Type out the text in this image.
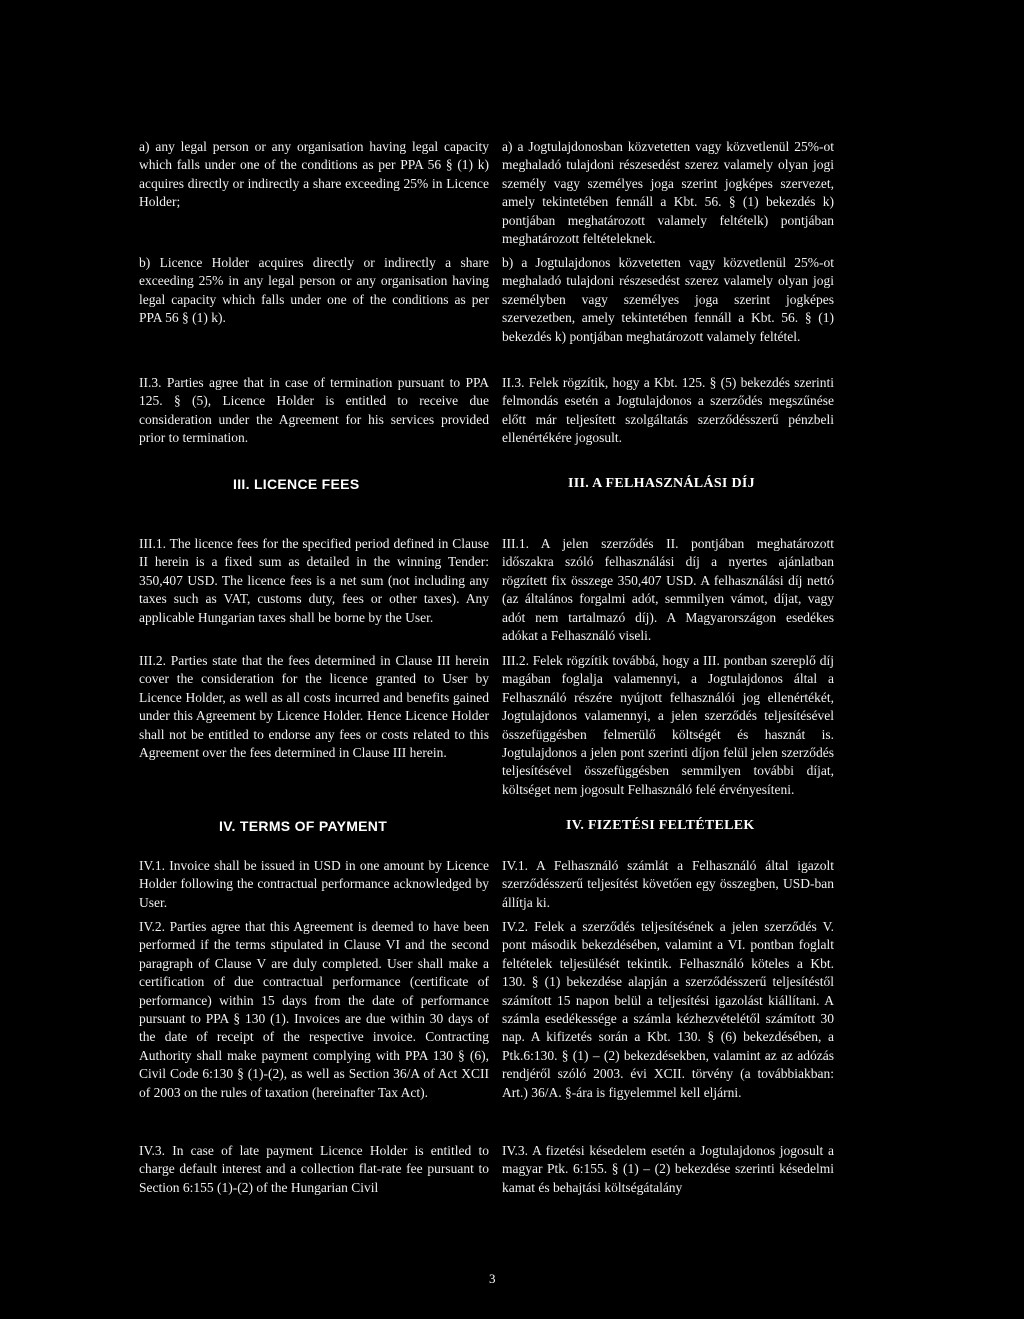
a) any legal person or any organisation having legal capacity which falls under one of the conditions as per PPA 56 § (1) k) acquires directly or indirectly a share exceeding 25% in Licence Holder;

b) Licence Holder acquires directly or indirectly a share exceeding 25% in any legal person or any organisation having legal capacity which falls under one of the conditions as per PPA 56 § (1) k).

II.3. Parties agree that in case of termination pursuant to PPA 125. § (5), Licence Holder is entitled to receive due consideration under the Agreement for his services provided prior to termination.

III. LICENCE FEES

III.1. The licence fees for the specified period defined in Clause II herein is a fixed sum as detailed in the winning Tender: 350,407 USD. The licence fees is a net sum (not including any taxes such as VAT, customs duty, fees or other taxes). Any applicable Hungarian taxes shall be borne by the User.

III.2. Parties state that the fees determined in Clause III herein cover the consideration for the licence granted to User by Licence Holder, as well as all costs incurred and benefits gained under this Agreement by Licence Holder. Hence Licence Holder shall not be entitled to endorse any fees or costs related to this Agreement over the fees determined in Clause III herein.

IV. TERMS OF PAYMENT

IV.1. Invoice shall be issued in USD in one amount by Licence Holder following the contractual performance acknowledged by User.

IV.2. Parties agree that this Agreement is deemed to have been performed if the terms stipulated in Clause VI and the second paragraph of Clause V are duly completed. User shall make a certification of due contractual performance (certificate of performance) within 15 days from the date of performance pursuant to PPA § 130 (1). Invoices are due within 30 days of the date of receipt of the respective invoice. Contracting Authority shall make payment complying with PPA 130 § (6), Civil Code 6:130 § (1)-(2), as well as Section 36/A of Act XCII of 2003 on the rules of taxation (hereinafter Tax Act).

IV.3. In case of late payment Licence Holder is entitled to charge default interest and a collection flat-rate fee pursuant to Section 6:155 (1)-(2) of the Hungarian Civil

a) a Jogtulajdonosban közvetetten vagy közvetlenül 25%-ot meghaladó tulajdoni részesedést szerez valamely olyan jogi személy vagy személyes joga szerint jogképes szervezet, amely tekintetében fennáll a Kbt. 56. § (1) bekezdés k) pontjában meghatározott valamely feltételk) pontjában meghatározott feltételeknek.

b) a Jogtulajdonos közvetetten vagy közvetlenül 25%-ot meghaladó tulajdoni részesedést szerez valamely olyan jogi személyben vagy személyes joga szerint jogképes szervezetben, amely tekintetében fennáll a Kbt. 56. § (1) bekezdés k) pontjában meghatározott valamely feltétel.

II.3. Felek rögzítik, hogy a Kbt. 125. § (5) bekezdés szerinti felmondás esetén a Jogtulajdonos a szerződés megszűnése előtt már teljesített szolgáltatás szerződésszerű pénzbeli ellenértékére jogosult.

III. A FELHASZNÁLÁSI DÍJ

III.1. A jelen szerződés II. pontjában meghatározott időszakra szóló felhasználási díj a nyertes ajánlatban rögzített fix összege 350,407 USD. A felhasználási díj nettó (az általános forgalmi adót, semmilyen vámot, díjat, vagy adót nem tartalmazó díj). A Magyarországon esedékes adókat a Felhasználó viseli.

III.2. Felek rögzítik továbbá, hogy a III. pontban szereplő díj magában foglalja valamennyi, a Jogtulajdonos által a Felhasználó részére nyújtott felhasználói jog ellenértékét, Jogtulajdonos valamennyi, a jelen szerződés teljesítésével összefüggésben felmerülő költségét és hasznát is. Jogtulajdonos a jelen pont szerinti díjon felül jelen szerződés teljesítésével összefüggésben semmilyen további díjat, költséget nem jogosult Felhasználó felé érvényesíteni.

IV. FIZETÉSI FELTÉTELEK

IV.1. A Felhasználó számlát a Felhasználó által igazolt szerződésszerű teljesítést követően egy összegben, USD-ban állítja ki.

IV.2. Felek a szerződés teljesítésének a jelen szerződés V. pont második bekezdésében, valamint a VI. pontban foglalt feltételek teljesülését tekintik. Felhasználó köteles a Kbt. 130. § (1) bekezdése alapján a szerződésszerű teljesítéstől számított 15 napon belül a teljesítési igazolást kiállítani. A számla esedékessége a számla kézhezvételétől számított 30 nap. A kifizetés során a Kbt. 130. § (6) bekezdésében, a Ptk.6:130. § (1) – (2) bekezdésekben, valamint az az adózás rendjéről szóló 2003. évi XCII. törvény (a továbbiakban: Art.) 36/A. §-ára is figyelemmel kell eljárni.

IV.3. A fizetési késedelem esetén a Jogtulajdonos jogosult a magyar Ptk. 6:155. § (1) – (2) bekezdése szerinti késedelmi kamat és behajtási költségátalány

3
